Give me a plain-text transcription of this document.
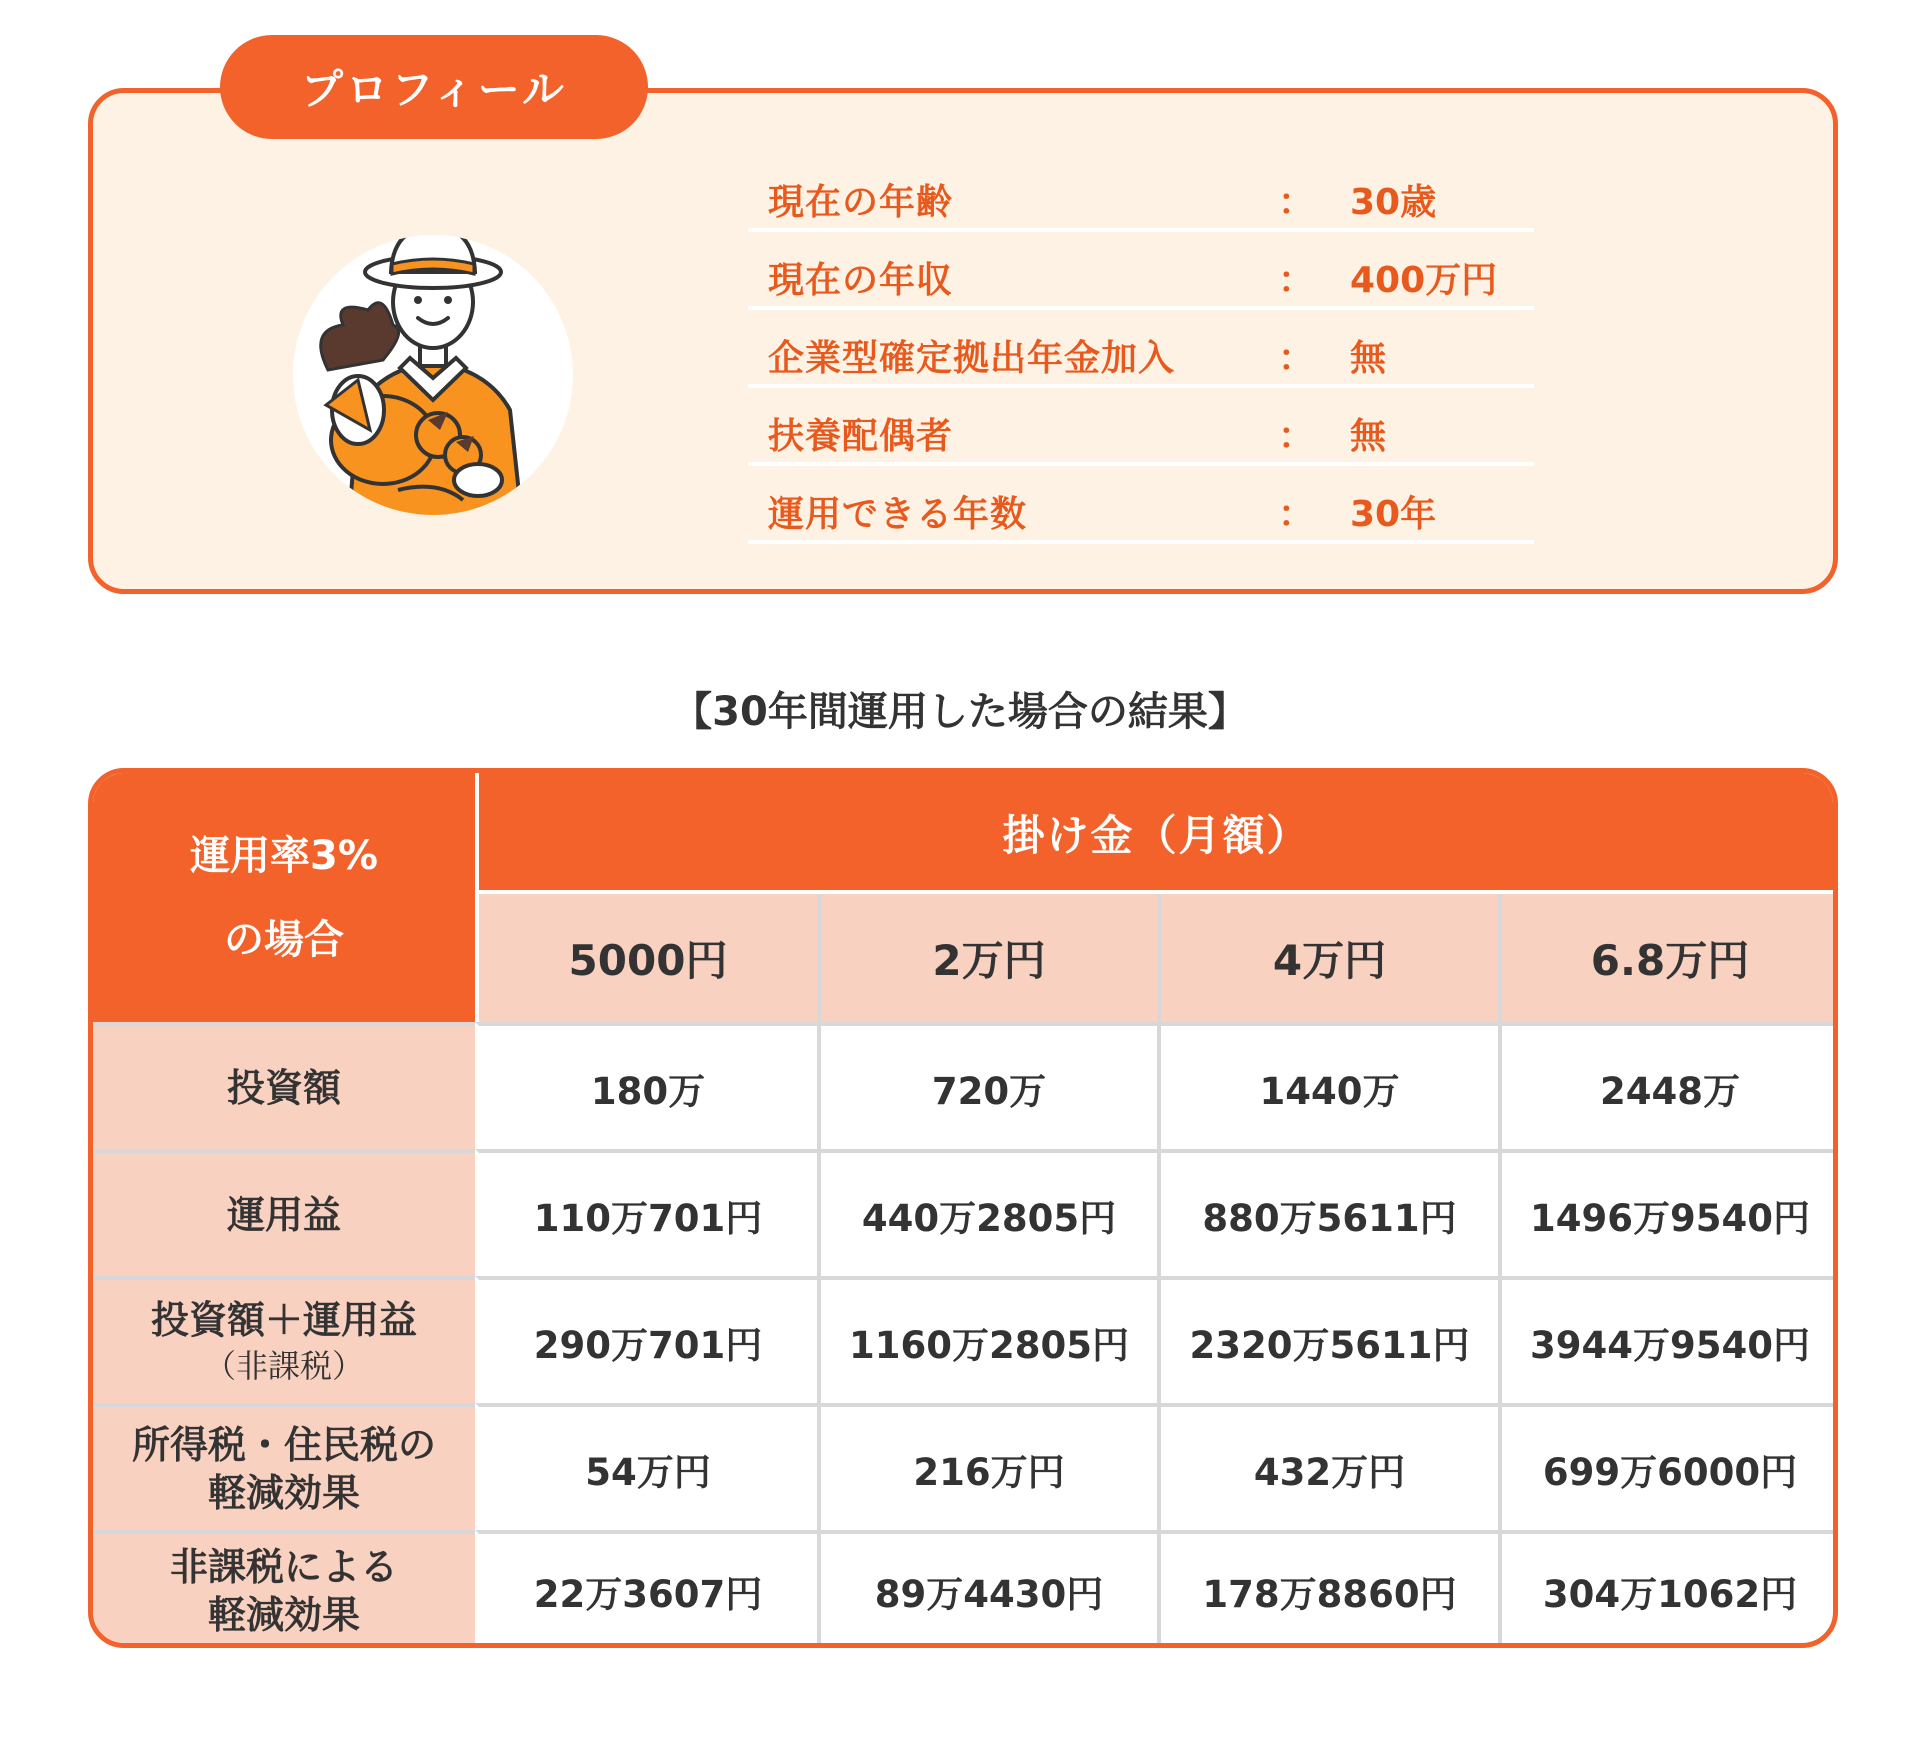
プロフィール
現在の年齢	： 30歳
現在の年収	： 400万円
企業型確定拠出年金加入	： 無
扶養配偶者	： 無
運用できる年数	： 30年
【30年間運用した場合の結果】
運用率3%
の場合
掛け金（月額）
5000円	2万円	4万円	6.8万円
投資額	180万	720万	1440万	2448万
運用益	110万701円	440万2805円	880万5611円	1496万9540円
投資額＋運用益
（非課税）	290万701円	1160万2805円	2320万5611円	3944万9540円
所得税・住民税の
軽減効果	54万円	216万円	432万円	699万6000円
非課税による
軽減効果	22万3607円	89万4430円	178万8860円	304万1062円
